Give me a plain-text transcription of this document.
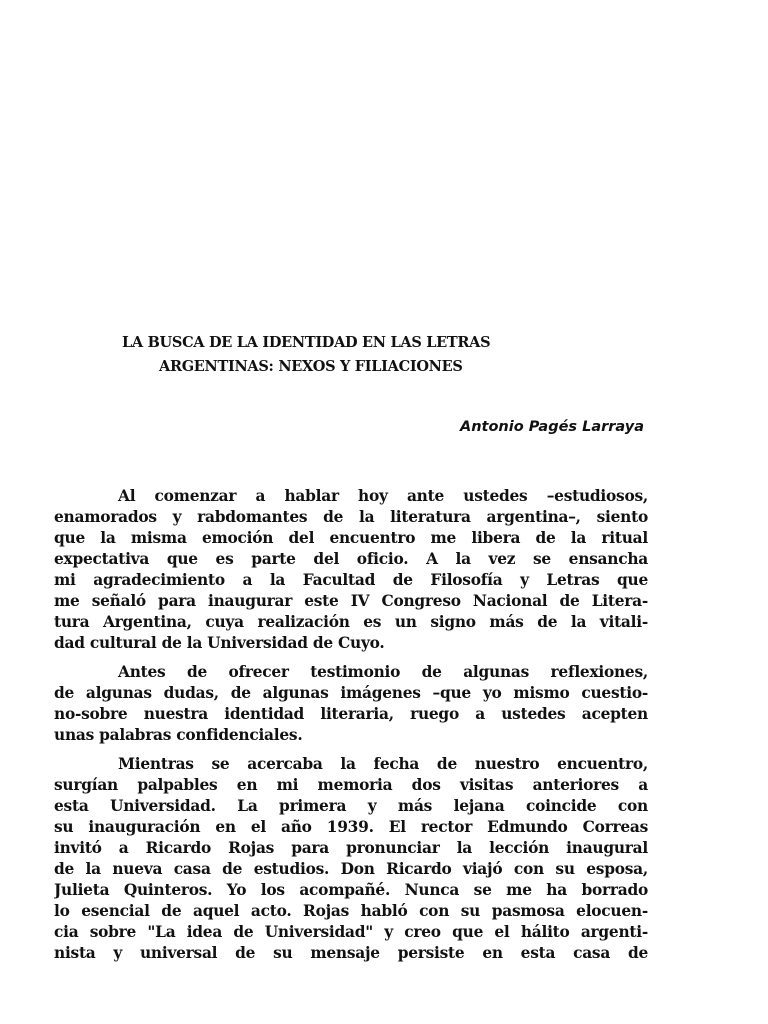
LA BUSCA DE LA IDENTIDAD EN LAS LETRAS
ARGENTINAS: NEXOS Y FILIACIONES
Antonio Pagés Larraya
Al comenzar a hablar hoy ante ustedes –estudiosos,
enamorados y rabdomantes de la literatura argentina–, siento
que la misma emoción del encuentro me libera de la ritual
expectativa que es parte del oficio. A la vez se ensancha
mi agradecimiento a la Facultad de Filosofía y Letras que
me señaló para inaugurar este IV Congreso Nacional de Litera-
tura Argentina, cuya realización es un signo más de la vitali-
dad cultural de la Universidad de Cuyo.
Antes de ofrecer testimonio de algunas reflexiones,
de algunas dudas, de algunas imágenes –que yo mismo cuestio-
no-sobre nuestra identidad literaria, ruego a ustedes acepten
unas palabras confidenciales.
Mientras se acercaba la fecha de nuestro encuentro,
surgían palpables en mi memoria dos visitas anteriores a
esta Universidad. La primera y más lejana coincide con
su inauguración en el año 1939. El rector Edmundo Correas
invitó a Ricardo Rojas para pronunciar la lección inaugural
de la nueva casa de estudios. Don Ricardo viajó con su esposa,
Julieta Quinteros. Yo los acompañé. Nunca se me ha borrado
lo esencial de aquel acto. Rojas habló con su pasmosa elocuen-
cia sobre "La idea de Universidad" y creo que el hálito argenti-
nista y universal de su mensaje persiste en esta casa de
